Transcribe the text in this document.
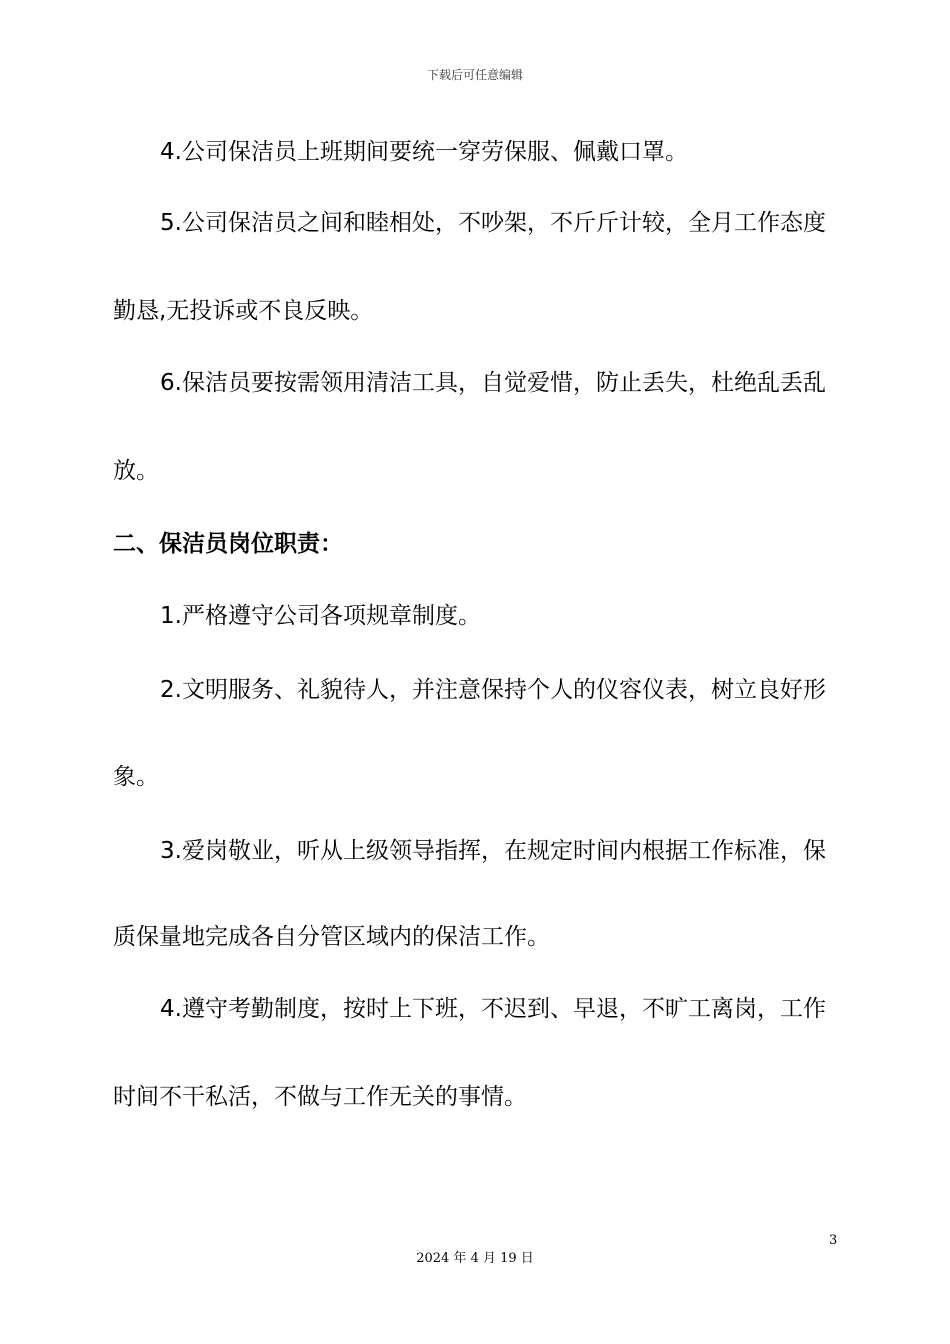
下载后可任意编辑
4.公司保洁员上班期间要统一穿劳保服、佩戴口罩。
5.公司保洁员之间和睦相处，不吵架，不斤斤计较，全月工作态度
勤恳,无投诉或不良反映。
6.保洁员要按需领用清洁工具，自觉爱惜，防止丢失，杜绝乱丢乱
放。
二、保洁员岗位职责：
1.严格遵守公司各项规章制度。
2.文明服务、礼貌待人，并注意保持个人的仪容仪表，树立良好形
象。
3.爱岗敬业，听从上级领导指挥，在规定时间内根据工作标准，保
质保量地完成各自分管区域内的保洁工作。
4.遵守考勤制度，按时上下班，不迟到、早退，不旷工离岗，工作
时间不干私活，不做与工作无关的事情。
3
2024 年 4 月 19 日
